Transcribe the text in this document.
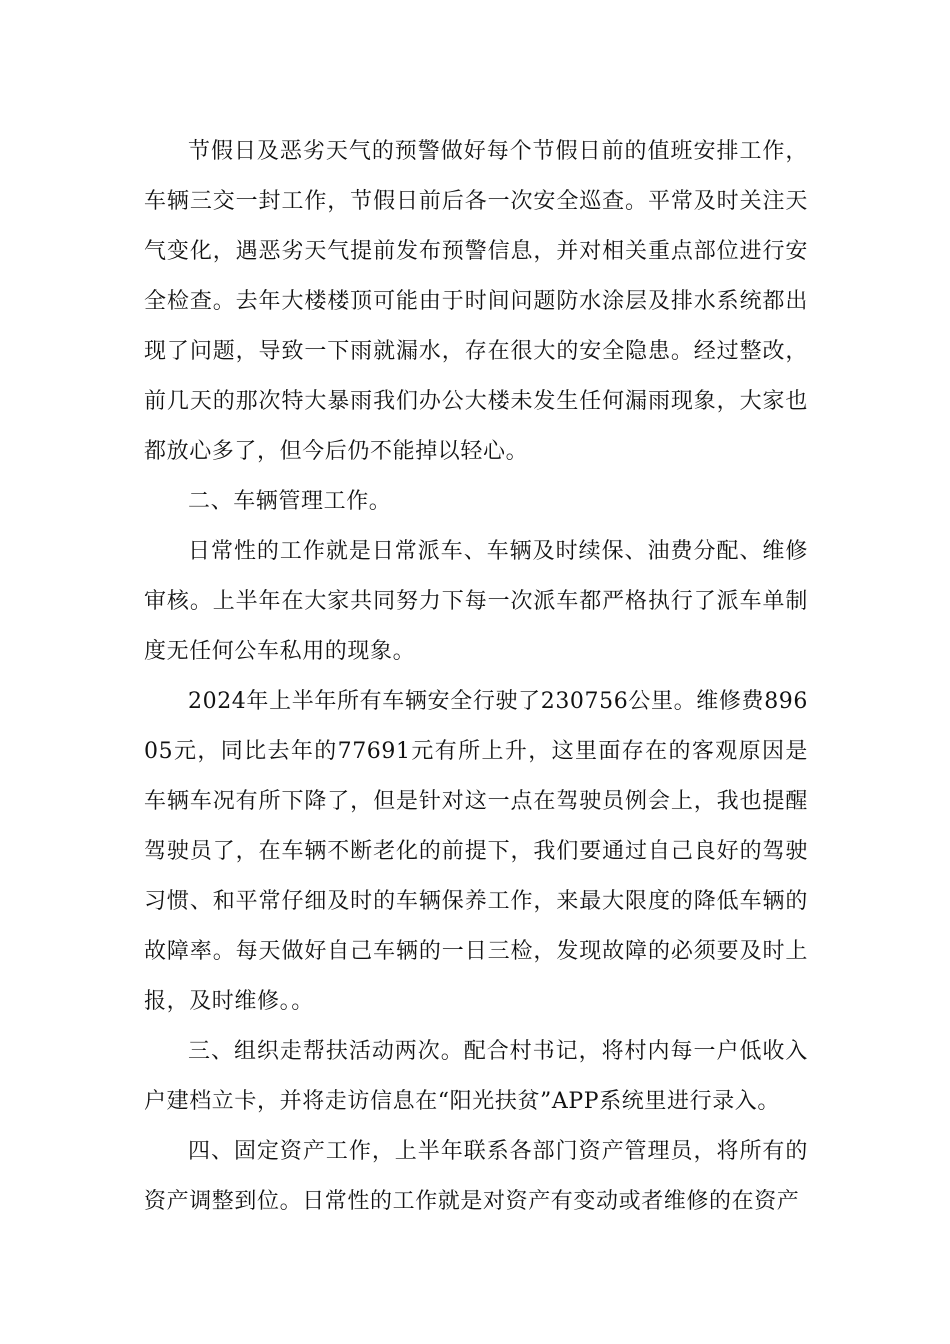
节假日及恶劣天气的预警做好每个节假日前的值班安排工作，车辆三交一封工作，节假日前后各一次安全巡查。平常及时关注天气变化，遇恶劣天气提前发布预警信息，并对相关重点部位进行安全检查。去年大楼楼顶可能由于时间问题防水涂层及排水系统都出现了问题，导致一下雨就漏水，存在很大的安全隐患。经过整改，前几天的那次特大暴雨我们办公大楼未发生任何漏雨现象，大家也都放心多了，但今后仍不能掉以轻心。

二、车辆管理工作。

日常性的工作就是日常派车、车辆及时续保、油费分配、维修审核。上半年在大家共同努力下每一次派车都严格执行了派车单制度无任何公车私用的现象。

2024年上半年所有车辆安全行驶了230756公里。维修费89605元，同比去年的77691元有所上升，这里面存在的客观原因是车辆车况有所下降了，但是针对这一点在驾驶员例会上，我也提醒驾驶员了，在车辆不断老化的前提下，我们要通过自己良好的驾驶习惯、和平常仔细及时的车辆保养工作，来最大限度的降低车辆的故障率。每天做好自己车辆的一日三检，发现故障的必须要及时上报，及时维修。。

三、组织走帮扶活动两次。配合村书记，将村内每一户低收入户建档立卡，并将走访信息在“阳光扶贫”APP系统里进行录入。

四、固定资产工作，上半年联系各部门资产管理员，将所有的资产调整到位。日常性的工作就是对资产有变动或者维修的在资产
